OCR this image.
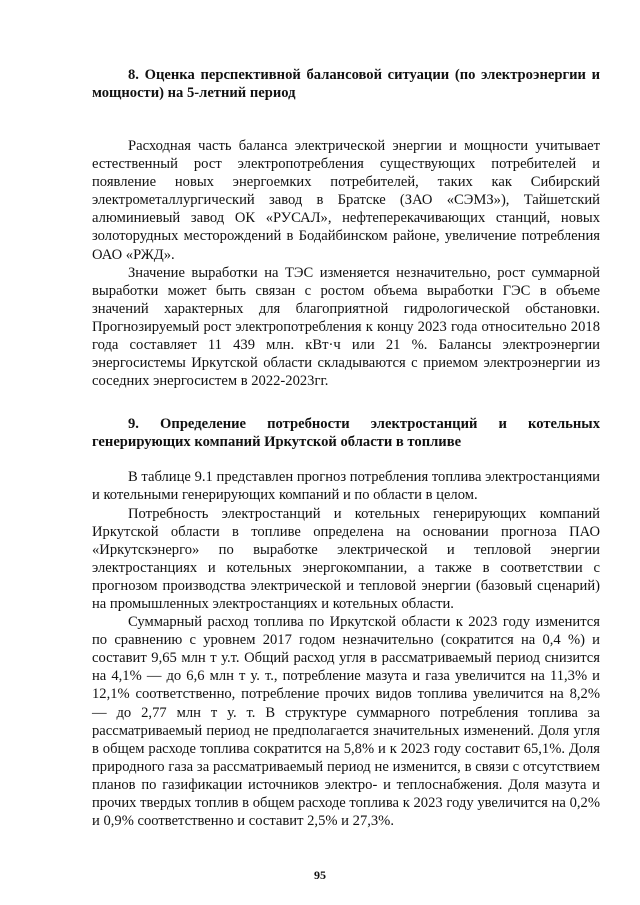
8. Оценка перспективной балансовой ситуации (по электроэнергии и мощности) на 5-летний период

Расходная часть баланса электрической энергии и мощности учитывает естественный рост электропотребления существующих потребителей и появление новых энергоемких потребителей, таких как Сибирский электрометаллургический завод в Братске (ЗАО «СЭМЗ»), Тайшетский алюминиевый завод ОК «РУСАЛ», нефтеперекачивающих станций, новых золоторудных месторождений в Бодайбинском районе, увеличение потребления ОАО «РЖД».

Значение выработки на ТЭС изменяется незначительно, рост суммарной выработки может быть связан с ростом объема выработки ГЭС в объеме значений характерных для благоприятной гидрологической обстановки. Прогнозируемый рост электропотребления к концу 2023 года относительно 2018 года составляет 11 439 млн. кВт·ч или 21 %. Балансы электроэнергии энергосистемы Иркутской области складываются с приемом электроэнергии из соседних энергосистем в 2022-2023гг.

9. Определение потребности электростанций и котельных генерирующих компаний Иркутской области в топливе

В таблице 9.1 представлен прогноз потребления топлива электростанциями и котельными генерирующих компаний и по области в целом.

Потребность электростанций и котельных генерирующих компаний Иркутской области в топливе определена на основании прогноза ПАО «Иркутскэнерго» по выработке электрической и тепловой энергии электростанциях и котельных энергокомпании, а также в соответствии с прогнозом производства электрической и тепловой энергии (базовый сценарий) на промышленных электростанциях и котельных области.

Суммарный расход топлива по Иркутской области к 2023 году изменится по сравнению с уровнем 2017 годом незначительно (сократится на 0,4 %) и составит 9,65 млн т у.т. Общий расход угля в рассматриваемый период снизится на 4,1% — до 6,6 млн т у. т., потребление мазута и газа увеличится на 11,3% и 12,1% соответственно, потребление прочих видов топлива увеличится на 8,2% — до 2,77 млн т у. т. В структуре суммарного потребления топлива за рассматриваемый период не предполагается значительных изменений. Доля угля в общем расходе топлива сократится на 5,8% и к 2023 году составит 65,1%. Доля природного газа за рассматриваемый период не изменится, в связи с отсутствием планов по газификации источников электро- и теплоснабжения. Доля мазута и прочих твердых топлив в общем расходе топлива к 2023 году увеличится на 0,2% и 0,9% соответственно и составит 2,5% и 27,3%.

95
